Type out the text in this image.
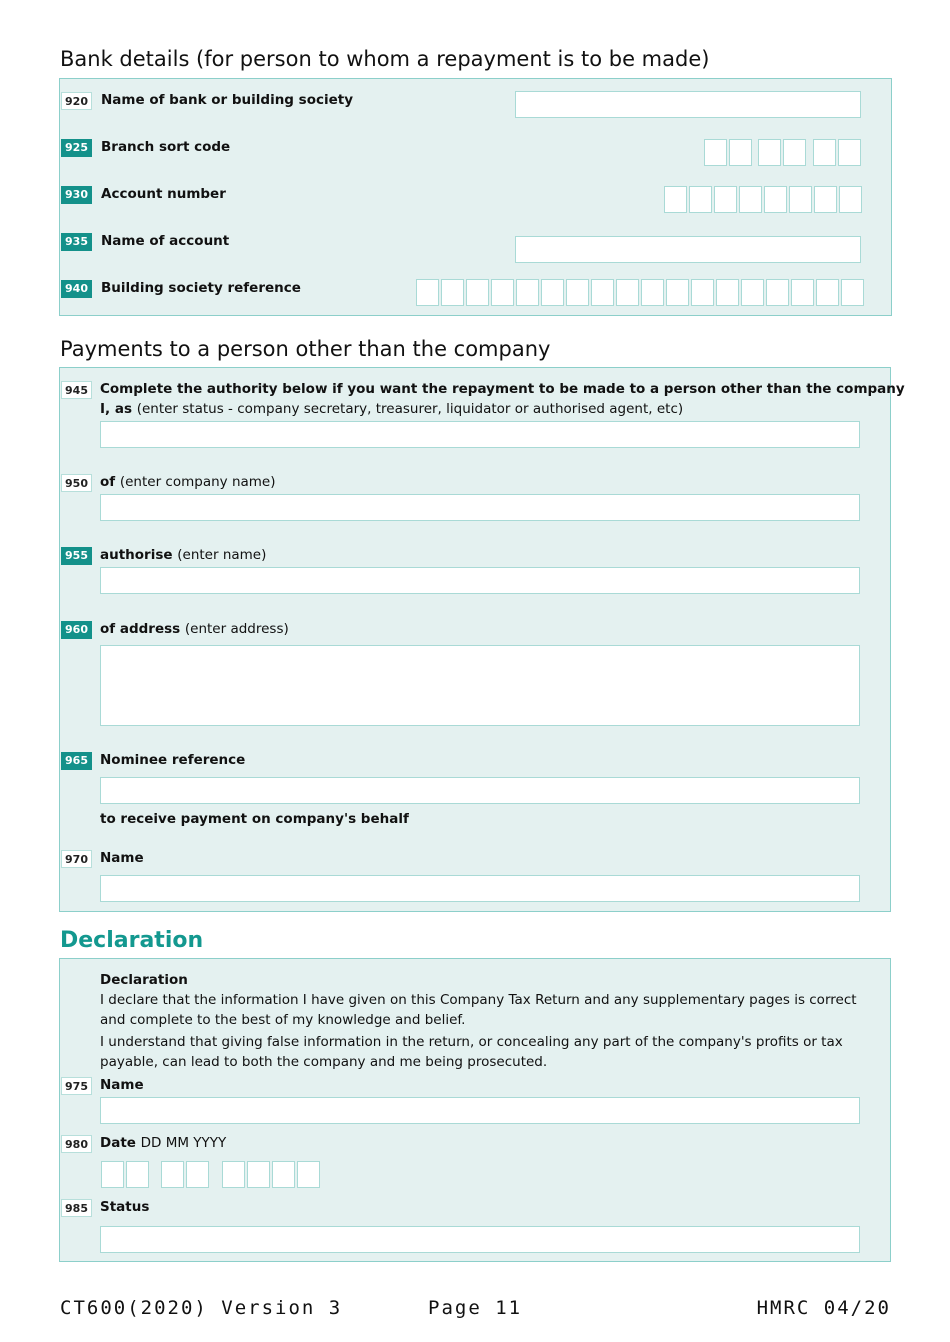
Bank details (for person to whom a repayment is to be made)
920 Name of bank or building society
925 Branch sort code
930 Account number
935 Name of account
940 Building society reference
Payments to a person other than the company
945 Complete the authority below if you want the repayment to be made to a person other than the company
I, as (enter status - company secretary, treasurer, liquidator or authorised agent, etc)
950 of (enter company name)
955 authorise (enter name)
960 of address (enter address)
965 Nominee reference
to receive payment on company's behalf
970 Name
Declaration
Declaration
I declare that the information I have given on this Company Tax Return and any supplementary pages is correct and complete to the best of my knowledge and belief.
I understand that giving false information in the return, or concealing any part of the company's profits or tax payable, can lead to both the company and me being prosecuted.
975 Name
980 Date DD MM YYYY
985 Status
CT600(2020) Version 3	Page 11	HMRC 04/20
